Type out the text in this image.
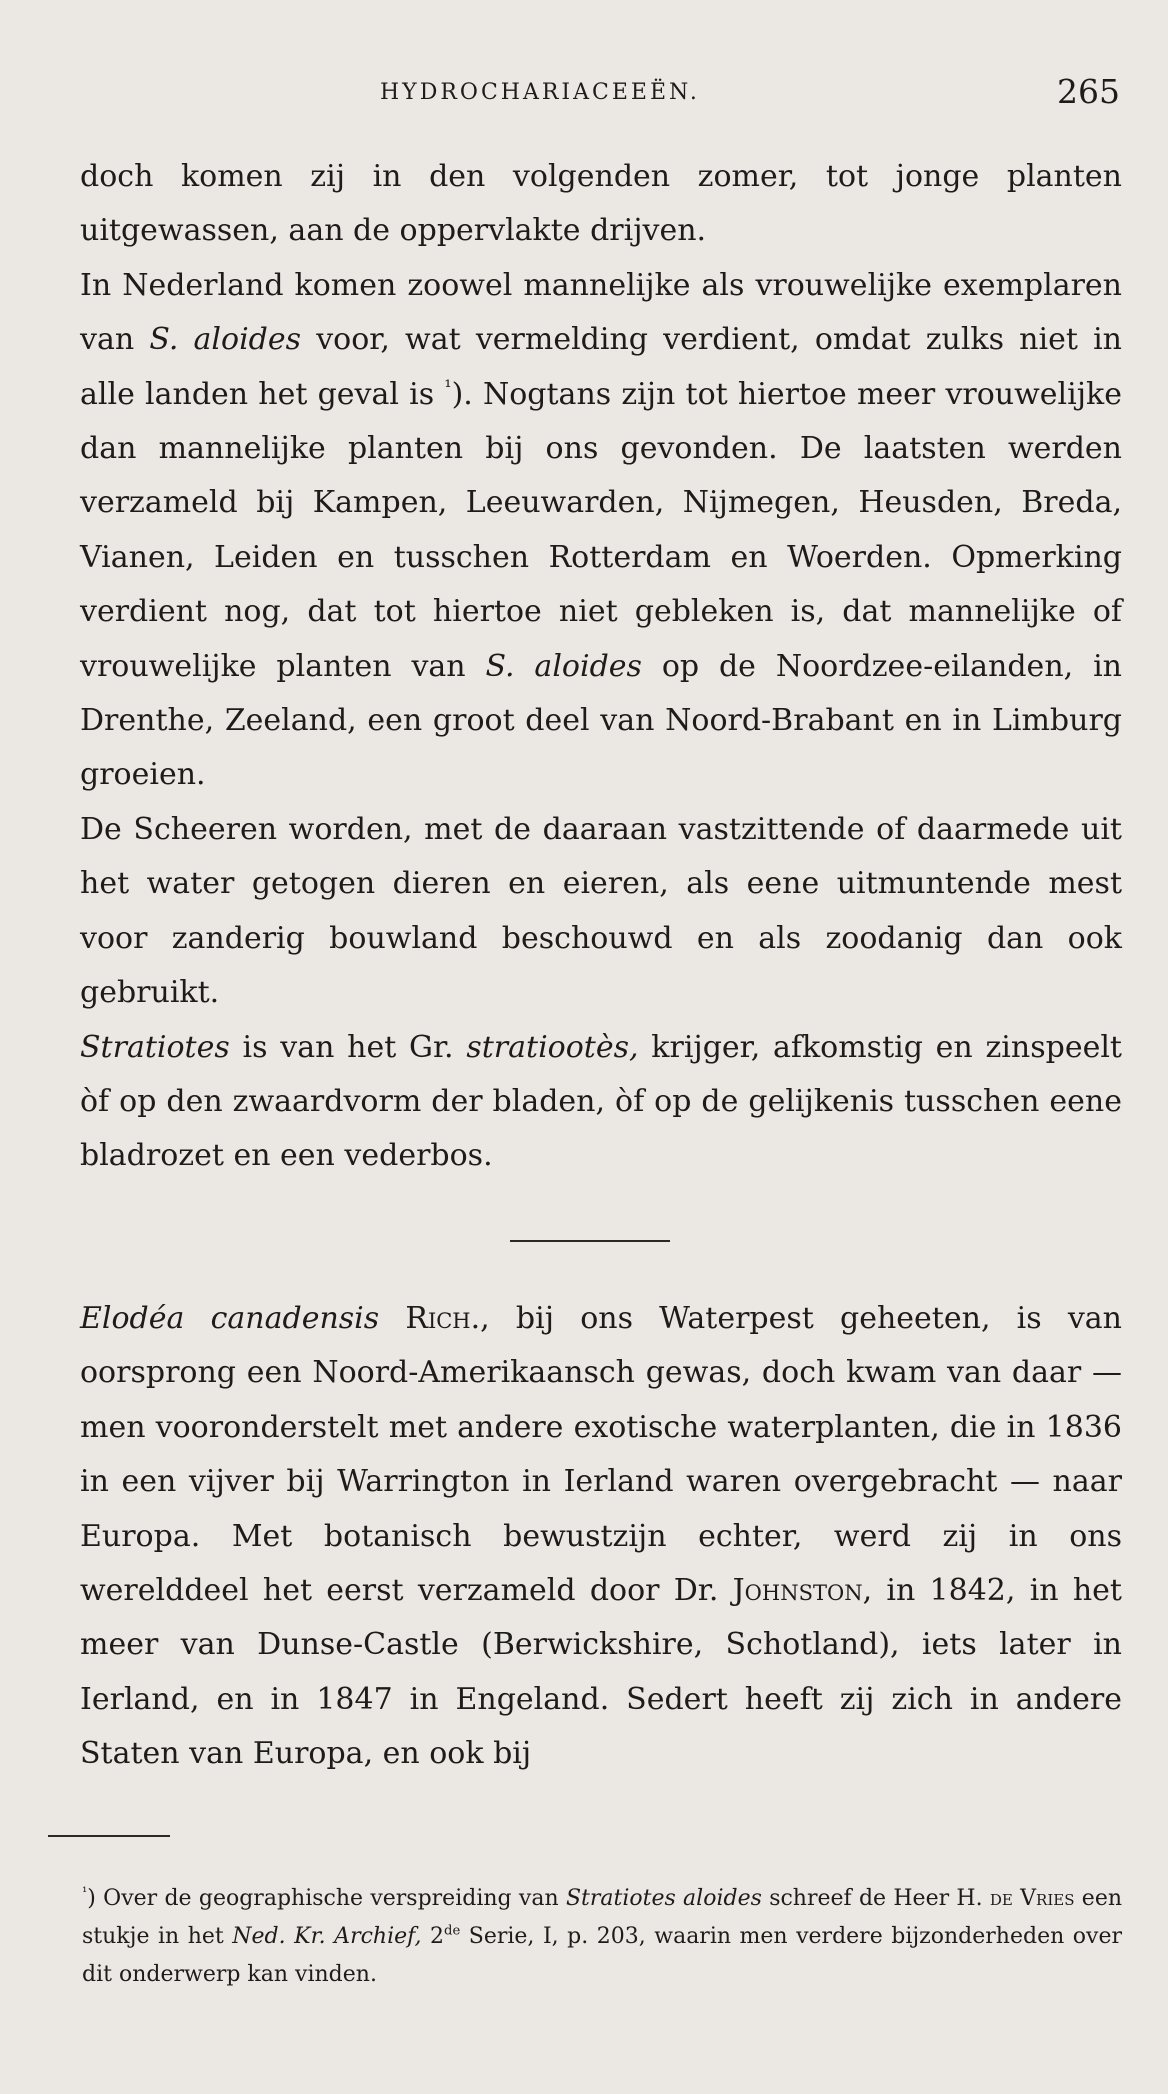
HYDROCHARIACEEËN.	265

doch komen zij in den volgenden zomer, tot jonge planten uitgewassen, aan de oppervlakte drijven.

In Nederland komen zoowel mannelijke als vrouwelijke exemplaren van S. aloides voor, wat vermelding verdient, omdat zulks niet in alle landen het geval is $^{^1}$). Nogtans zijn tot hiertoe meer vrouwelijke dan mannelijke planten bij ons gevonden. De laatsten werden verzameld bij Kampen, Leeuwarden, Nijmegen, Heusden, Breda, Vianen, Leiden en tusschen Rotterdam en Woerden. Opmerking verdient nog, dat tot hiertoe niet gebleken is, dat mannelijke of vrouwelijke planten van S. aloides op de Noordzee-eilanden, in Drenthe, Zeeland, een groot deel van Noord-Brabant en in Limburg groeien.

De Scheeren worden, met de daaraan vastzittende of daarmede uit het water getogen dieren en eieren, als eene uitmuntende mest voor zanderig bouwland beschouwd en als zoodanig dan ook gebruikt.

Stratiotes is van het Gr. stratiootès, krijger, afkomstig en zinspeelt òf op den zwaardvorm der bladen, òf op de gelijkenis tusschen eene bladrozet en een vederbos.

Elodéa canadensis Rich., bij ons Waterpest geheeten, is van oorsprong een Noord-Amerikaansch gewas, doch kwam van daar — men vooronderstelt met andere exotische waterplanten, die in 1836 in een vijver bij Warrington in Ierland waren overgebracht — naar Europa. Met botanisch bewustzijn echter, werd zij in ons werelddeel het eerst verzameld door Dr. Johnston, in 1842, in het meer van Dunse-Castle (Berwickshire, Schotland), iets later in Ierland, en in 1847 in Engeland. Sedert heeft zij zich in andere Staten van Europa, en ook bij

$^{^1}$) Over de geographische verspreiding van Stratiotes aloides schreef de Heer H. de Vries een stukje in het Ned. Kr. Archief, 2de Serie, I, p. 203, waarin men verdere bijzonderheden over dit onderwerp kan vinden.
